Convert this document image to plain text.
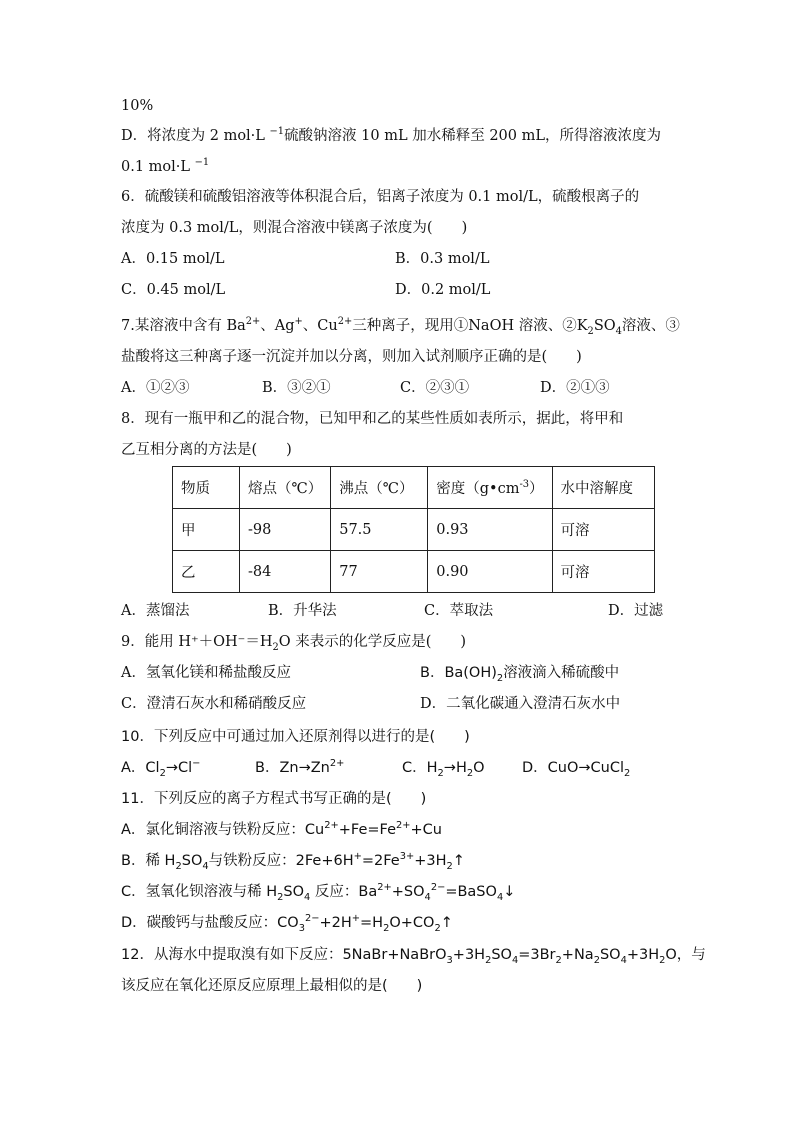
10%
D．将浓度为 2 mol·L $^{-1}$硫酸钠溶液 10 mL 加水稀释至 200 mL，所得溶液浓度为
0.1 mol·L $^{-1}$
6．硫酸镁和硫酸铝溶液等体积混合后，铝离子浓度为 0.1 mol/L，硫酸根离子的
浓度为 0.3 mol/L，则混合溶液中镁离子浓度为(　　)
A．0.15 mol/L	B．0.3 mol/L
C．0.45 mol/L	D．0.2 mol/L
7.某溶液中含有 $Ba^{2+}$、Ag+、$Cu^{2+}$三种离子，现用①NaOH 溶液、$②K_2SO_4$溶液、③
盐酸将这三种离子逐一沉淀并加以分离，则加入试剂顺序正确的是(　　)
A．①②③	B．③②①	C．②③①	D．②①③
8．现有一瓶甲和乙的混合物，已知甲和乙的某些性质如表所示，据此，将甲和
乙互相分离的方法是(　　)
物质	熔点（℃）	沸点（℃）	密度$(g•cm^{-3})$	水中溶解度
甲	-98	57.5	0.93	可溶
乙	-84	77	0.90	可溶
A．蒸馏法	B．升华法	C．萃取法	D．过滤
9．能用 $H^++OH^-=H_2O$ 来表示的化学反应是(　　)
A．氢氧化镁和稀盐酸反应	B．$Ba(OH)_2$溶液滴入稀硫酸中
C．澄清石灰水和稀硝酸反应	D．二氧化碳通入澄清石灰水中
10．下列反应中可通过加入还原剂得以进行的是(　　)
A．$Cl_2\to Cl^-$	B．$Zn\to Zn^{2+}$	C．$H_2\to H_2O$	D．CuO→CuCl$_2$
11．下列反应的离子方程式书写正确的是(　　)
A．氯化铜溶液与铁粉反应：$Cu^{2+}+Fe=Fe^{2+}+Cu$
B．稀 $H_2SO_4$与铁粉反应：$2Fe+6H^+=2Fe^{3+}+3H_2↑$
C．氢氧化钡溶液与稀 $H_2SO_4$ 反应：$Ba^{2+}+SO_4^{2-}=BaSO_4↓$
D．碳酸钙与盐酸反应：$CO_3^{2-}+2H^+=H_2O+CO_2↑$
12．从海水中提取溴有如下反应：$5NaBr+NaBrO_3+3H_2SO_4=3Br_2+Na_2SO_4+3H_2O$，与
该反应在氧化还原反应原理上最相似的是(　　)
